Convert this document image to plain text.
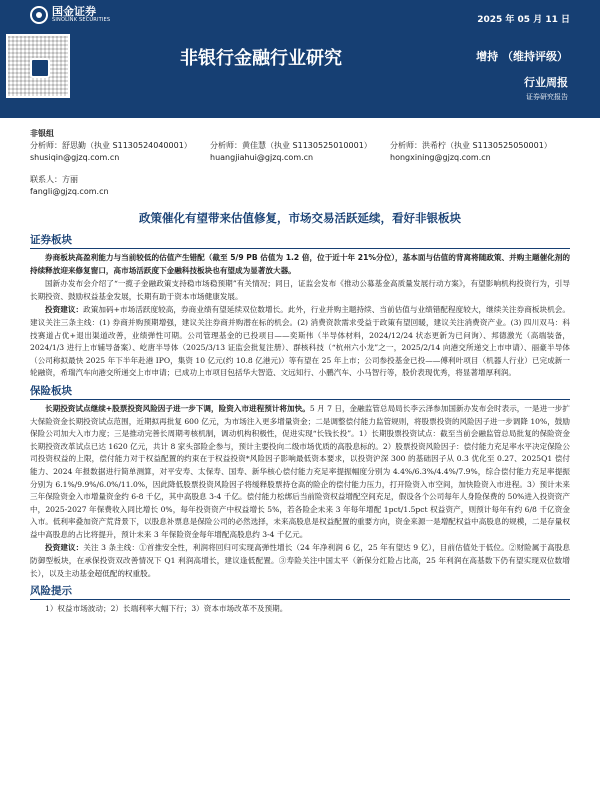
国金证券
SINOLINK SECURITIES	2025 年 05 月 11 日
非银行金融行业研究	增持 （维持评级）
行业周报
证券研究报告
非银组
分析师：舒思勤（执业 S1130524040001）
shusiqin@gjzq.com.cn
分析师：黄佳慧（执业 S1130525010001）
huangjiahui@gjzq.com.cn
分析师：洪希柠（执业 S1130525050001）
hongxining@gjzq.com.cn
联系人：方丽
fangli@gjzq.com.cn
政策催化有望带来估值修复，市场交易活跃延续，看好非银板块
证券板块

券商板块高盈利能力与当前较低的估值产生错配（截至 5/9 PB 估值为 1.2 倍，位于近十年 21%分位），基本面与估值的背离将随政策、并购主题催化剂的持续释放迎来修复窗口，高市场活跃度下金融科技板块也有望成为显著放大器。

国新办发布会介绍了“一揽子金融政策支持稳市场稳预期”有关情况；同日，证监会发布《推动公募基金高质量发展行动方案》，有望影响机构投资行为，引导长期投资、鼓励权益基金发展，长期有助于资本市场健康发展。

投资建议：政策加码+市场活跃度较高，券商业绩有望延续双位数增长。此外，行业并购主题持续、当前估值与业绩错配程度较大，继续关注券商板块机会。建议关注三条主线：(1) 券商并购预期增强，建议关注券商并购潜在标的机会。(2) 消费资款需求受益于政策有望回暖，建议关注消费资产业。(3) 四川双马：科技赛道占优+退出渠道改善，业绩弹性可期。公司管理基金的已投项目——奕斯伟（半导体材料，2024/12/24 状态更新为已问询）、邦德激光（高端装备，2024/1/3 进行上市辅导备案）、屹唐半导体（2025/3/13 证监会批复注册）、群核科技（“杭州六小龙”之一，2025/2/14 向港交所递交上市申请）、丽豪半导体（公司称拟最快 2025 年下半年赴港 IPO，集资 10 亿元(约 10.8 亿港元)）等有望在 25 年上市；公司参投基金已投——傅利叶项目（机器人行业）已完成新一轮融资，希瑞汽车向港交所递交上市申请；已成功上市项目包括华大智造、文远知行、小鹏汽车、小马智行等，股价表现优秀，将显著增厚利润。

保险板块

长期投资试点继续+股票投资风险因子进一步下调，险资入市进程预计将加快。5 月 7 日，金融监管总局局长李云泽参加国新办发布会时表示，一是进一步扩大保险资金长期投资试点范围，近期拟再批复 600 亿元，为市场注入更多增量资金；二是调整偿付能力监管规则，将股票投资的风险因子进一步调降 10%，鼓励保险公司加大入市力度；三是推动完善长周期考核机制，调动机构积极性，促进实现“长钱长投”。1）长期股票投资试点：截至当前会融监管总局批复的保险资金长期投资改革试点已达 1620 亿元，共计 8 家头部险企参与，预计主要投向二级市场优质的高股息标的。2）股票投资风险因子：偿付能力充足率水平决定保险公司投资权益的上限，偿付能力对于权益配置的约束在于权益投资*风险因子影响最低资本要求，以投资沪深 300 的基础因子从 0.3 优化至 0.27、2025Q1 偿付能力、2024 年报数据进行简单测算，对平安寿、太保寿、国寿、新华核心偿付能力充足率提振幅度分别为 4.4%/6.3%/4.4%/7.9%，综合偿付能力充足率提振分别为 6.1%/9.9%/6.0%/11.0%，因此降低股票投资风险因子将缓释股票持仓高的险企的偿付能力压力，打开险资入市空间，加快险资入市进程。3）预计未来三年保险资金入市增量资金约 6-8 千亿，其中高股息 3-4 千亿。偿付能力松绑后当前险资权益增配空间充足，假设各个公司每年人身险保费的 50%进入投资资产中，2025-2027 年保费收入同比增长 0%，每年投资资产中权益增长 5%，若各险企未来 3 年每年增配 1pct/1.5pct 权益资产，则预计每年有约 6/8 千亿资金入市。低利率叠加资产荒背景下，以股息补票息是保险公司的必然选择，未来高股息是权益配置的重要方向，资金来源一是增配权益中高股息的规模，二是存量权益中高股息的占比将提升，预计未来 3 年保险资金每年增配高股息约 3-4 千亿元。

投资建议：关注 3 条主线：①首推安全性，利润将回归可实现高弹性增长（24 年净利润 6 亿，25 年有望达 9 亿），目前估值处于低位。②财险属于高股息防御型板块，在承保投资双改善情况下 Q1 利润高增长，建议逢低配置。③寿险关注中国太平（新保分红险占比高，25 年利润在高基数下仍有望实现双位数增长），以及主动基金超低配的权重股。

风险提示

1）权益市场波动；2）长端利率大幅下行；3）资本市场改革不及预期。
